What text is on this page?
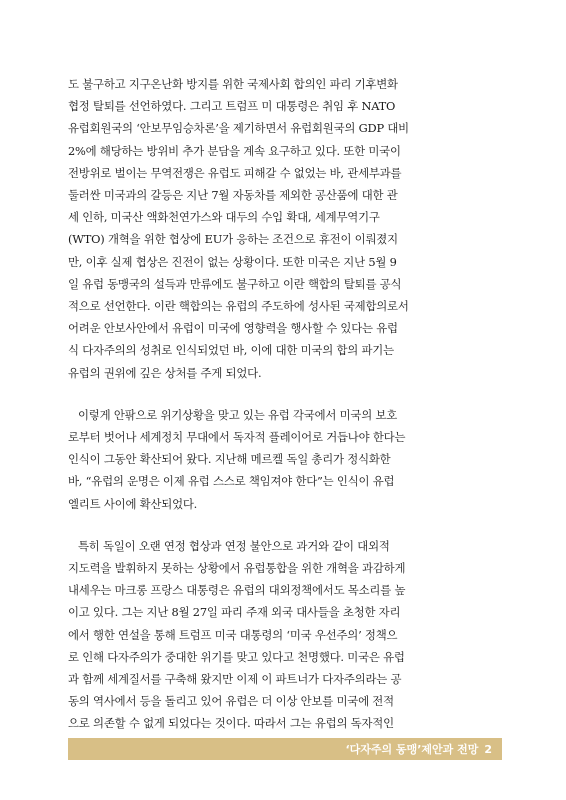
도 불구하고 지구온난화 방지를 위한 국제사회 합의인 파리 기후변화
협정 탈퇴를 선언하였다. 그리고 트럼프 미 대통령은 취임 후 NATO
유럽회원국의 ‘안보무임승차론’을 제기하면서 유럽회원국의 GDP 대비
2%에 해당하는 방위비 추가 분담을 계속 요구하고 있다. 또한 미국이
전방위로 벌이는 무역전쟁은 유럽도 피해갈 수 없었는 바, 관세부과를
둘러싼 미국과의 갈등은 지난 7월 자동차를 제외한 공산품에 대한 관
세 인하, 미국산 액화천연가스와 대두의 수입 확대, 세계무역기구
(WTO) 개혁을 위한 협상에 EU가 응하는 조건으로 휴전이 이뤄졌지
만, 이후 실제 협상은 진전이 없는 상황이다. 또한 미국은 지난 5월 9
일 유럽 동맹국의 설득과 만류에도 불구하고 이란 핵합의 탈퇴를 공식
적으로 선언한다. 이란 핵합의는 유럽의 주도하에 성사된 국제합의로서
어려운 안보사안에서 유럽이 미국에 영향력을 행사할 수 있다는 유럽
식 다자주의의 성취로 인식되었던 바, 이에 대한 미국의 합의 파기는

유럽의 권위에 깊은 상처를 주게 되었다.

이렇게 안팎으로 위기상황을 맞고 있는 유럽 각국에서 미국의 보호
로부터 벗어나 세계정치 무대에서 독자적 플레이어로 거듭나야 한다는
인식이 그동안 확산되어 왔다. 지난해 메르켈 독일 총리가 정식화한
바, “유럽의 운명은 이제 유럽 스스로 책임져야 한다”는 인식이 유럽

엘리트 사이에 확산되었다.

특히 독일이 오랜 연정 협상과 연정 불안으로 과거와 같이 대외적
지도력을 발휘하지 못하는 상황에서 유럽통합을 위한 개혁을 과감하게
내세우는 마크롱 프랑스 대통령은 유럽의 대외정책에서도 목소리를 높
이고 있다. 그는 지난 8월 27일 파리 주재 외국 대사들을 초청한 자리
에서 행한 연설을 통해 트럼프 미국 대통령의 ‘미국 우선주의’ 정책으
로 인해 다자주의가 중대한 위기를 맞고 있다고 천명했다. 미국은 유럽
과 함께 세계질서를 구축해 왔지만 이제 이 파트너가 다자주의라는 공
동의 역사에서 등을 돌리고 있어 유럽은 더 이상 안보를 미국에 전적
으로 의존할 수 없게 되었다는 것이다. 따라서 그는 유럽의 독자적인

‘다자주의 동맹’제안과 전망 2
